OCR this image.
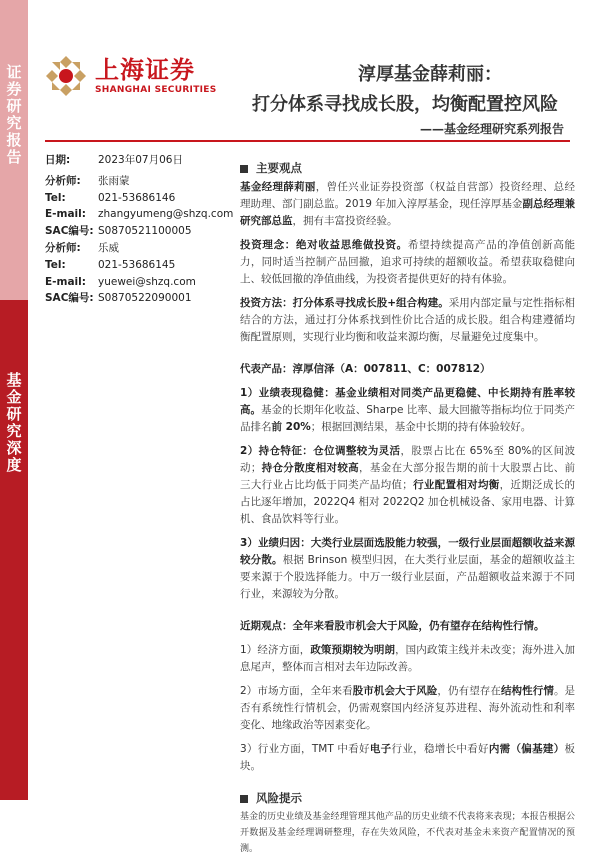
证券研究报告
基金研究深度
上海证券
SHANGHAI SECURITIES
淳厚基金薛莉丽：
打分体系寻找成长股，均衡配置控风险
——基金经理研究系列报告
日期:	2023年07月06日
分析师:	张雨蒙
Tel:	021-53686146
E-mail:	zhangyumeng@shzq.com
SAC编号: S0870521100005
分析师:	乐威
Tel:	021-53686145
E-mail:	yuewei@shzq.com
SAC编号: S0870522090001
主要观点

基金经理薛莉丽，曾任兴业证券投资部（权益自营部）投资经理、总经理助理、部门副总监。2019 年加入淳厚基金，现任淳厚基金副总经理兼研究部总监，拥有丰富投资经验。

投资理念：绝对收益思维做投资。希望持续提高产品的净值创新高能力，同时适当控制产品回撤，追求可持续的超额收益。希望获取稳健向上、较低回撤的净值曲线，为投资者提供更好的持有体验。

投资方法：打分体系寻找成长股+组合构建。采用内部定量与定性指标相结合的方法，通过打分体系找到性价比合适的成长股。组合构建遵循均衡配置原则，实现行业均衡和收益来源均衡，尽量避免过度集中。

代表产品：淳厚信泽（A：007811、C：007812）

1）业绩表现稳健：基金业绩相对同类产品更稳健、中长期持有胜率较高。基金的长期年化收益、Sharpe 比率、最大回撤等指标均位于同类产品排名前 20%；根据回测结果，基金中长期的持有体验较好。

2）持仓特征：仓位调整较为灵活，股票占比在 65%至 80%的区间波动；持仓分散度相对较高，基金在大部分报告期的前十大股票占比、前三大行业占比均低于同类产品均值；行业配置相对均衡，近期泛成长的占比逐年增加，2022Q4 相对 2022Q2 加仓机械设备、家用电器、计算机、食品饮料等行业。

3）业绩归因：大类行业层面选股能力较强，一级行业层面超额收益来源较分散。根据 Brinson 模型归因，在大类行业层面，基金的超额收益主要来源于个股选择能力。中万一级行业层面，产品超额收益来源于不同行业，来源较为分散。

近期观点：全年来看股市机会大于风险，仍有望存在结构性行情。

1）经济方面，政策预期较为明朗，国内政策主线并未改变；海外进入加息尾声，整体而言相对去年边际改善。

2）市场方面，全年来看股市机会大于风险，仍有望存在结构性行情。是否有系统性行情机会，仍需观察国内经济复苏进程、海外流动性和利率变化、地缘政治等因素变化。

3）行业方面，TMT 中看好电子行业，稳增长中看好内需（偏基建）板块。

风险提示

基金的历史业绩及基金经理管理其他产品的历史业绩不代表将来表现；本报告根据公开数据及基金经理调研整理，存在失效风险，不代表对基金未来资产配置情况的预测。
